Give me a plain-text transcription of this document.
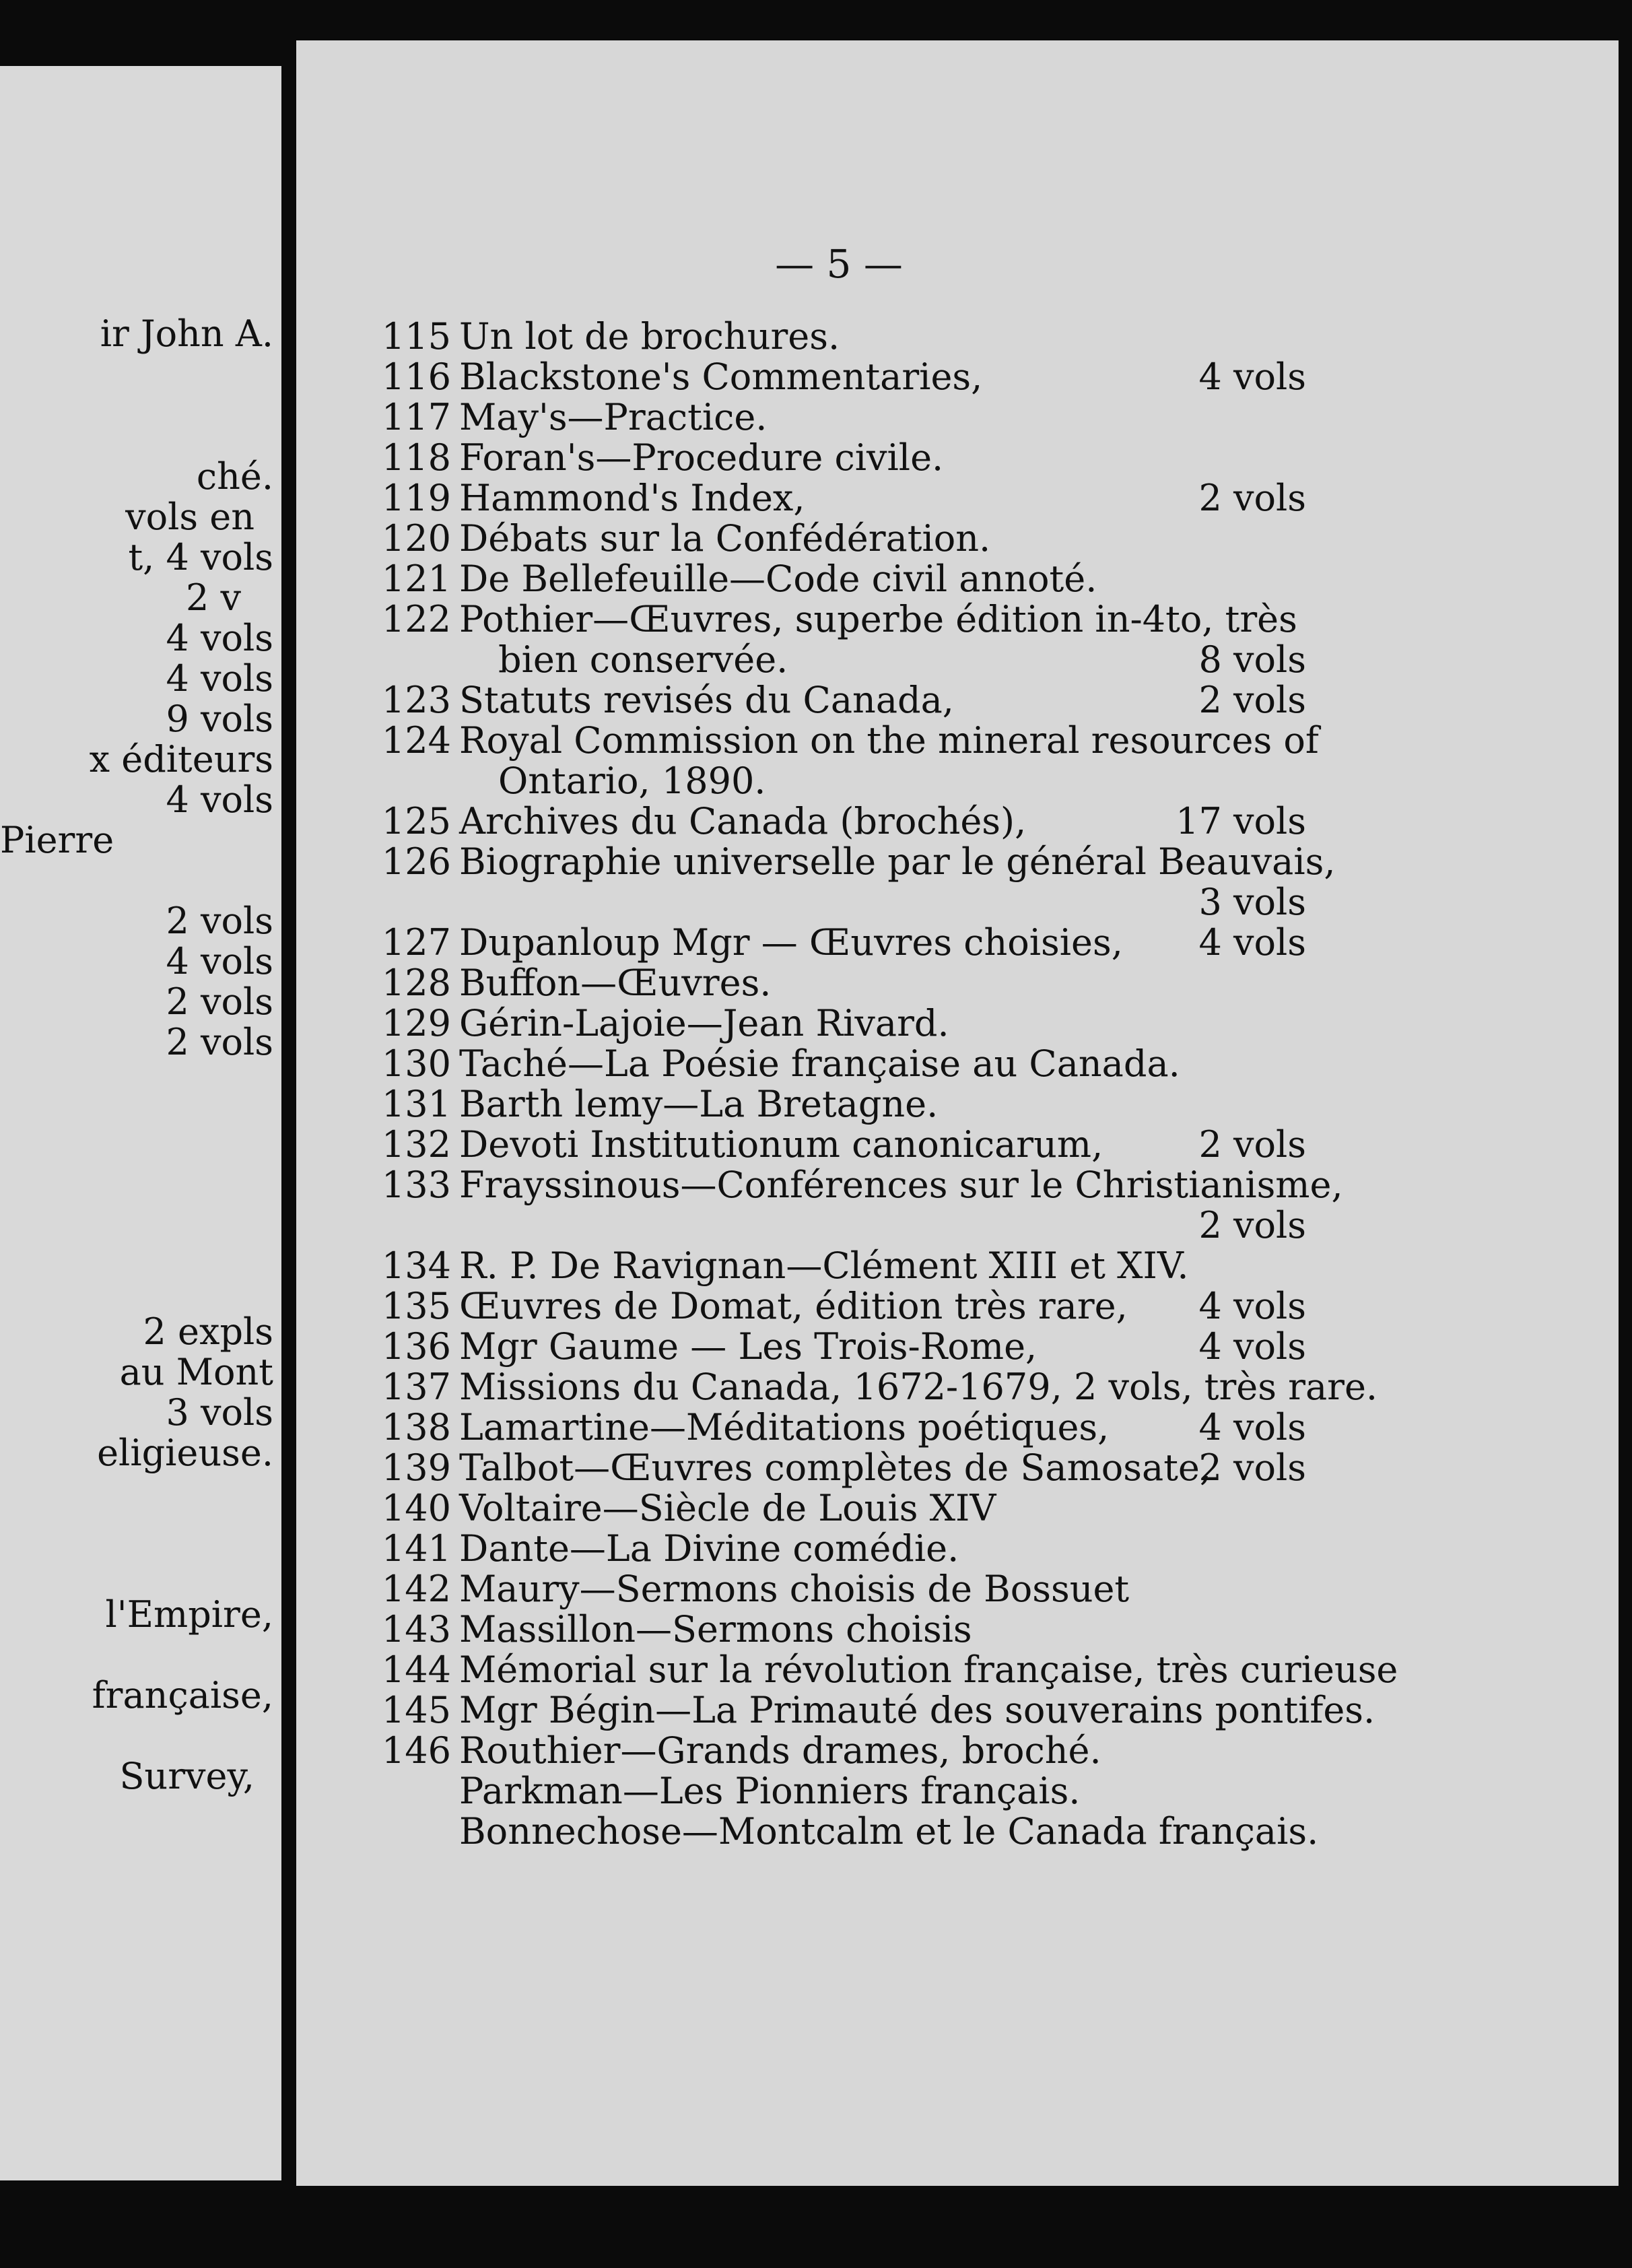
ir John A.
ché.
vols en
t, 4 vols
2 v
4 vols
4 vols
9 vols
x éditeurs
4 vols
Pierre
2 vols
4 vols
2 vols
2 vols
2 expls
au Mont
3 vols
eligieuse.
l'Empire,
française,
Survey,
— 5 —
115 Un lot de brochures.
116 Blackstone's Commentaries,	4 vols
117 May's—Practice.
118 Foran's—Procedure civile.
119 Hammond's Index,	2 vols
120 Débats sur la Confédération.
121 De Bellefeuille—Code civil annoté.
122 Pothier—Œuvres, superbe édition in-4to, très
bien conservée.	8 vols
123 Statuts revisés du Canada,	2 vols
124 Royal Commission on the mineral resources of
Ontario, 1890.
125 Archives du Canada (brochés),	17 vols
126 Biographie universelle par le général Beauvais,
3 vols
127 Dupanloup Mgr — Œuvres choisies, 4 vols
128 Buffon—Œuvres.
129 Gérin-Lajoie—Jean Rivard.
130 Taché—La Poésie française au Canada.
131 Barth lemy—La Bretagne.
132 Devoti Institutionum canonicarum,	2 vols
133 Frayssinous—Conférences sur le Christianisme,
2 vols
134 R. P. De Ravignan—Clément XIII et XIV.
135 Œuvres de Domat, édition très rare, 4 vols
136 Mgr Gaume — Les Trois-Rome,	4 vols
137 Missions du Canada, 1672-1679, 2 vols, très rare.
138 Lamartine—Méditations poétiques, 4 vols
139 Talbot—Œuvres complètes de Samosate,
2 vols
140 Voltaire—Siècle de Louis XIV
141 Dante—La Divine comédie.
142 Maury—Sermons choisis de Bossuet
143 Massillon—Sermons choisis
144 Mémorial sur la révolution française, très curieuse
145 Mgr Bégin—La Primauté des souverains pontifes.
146 Routhier—Grands drames, broché.
Parkman—Les Pionniers français.
Bonnechose—Montcalm et le Canada français.
